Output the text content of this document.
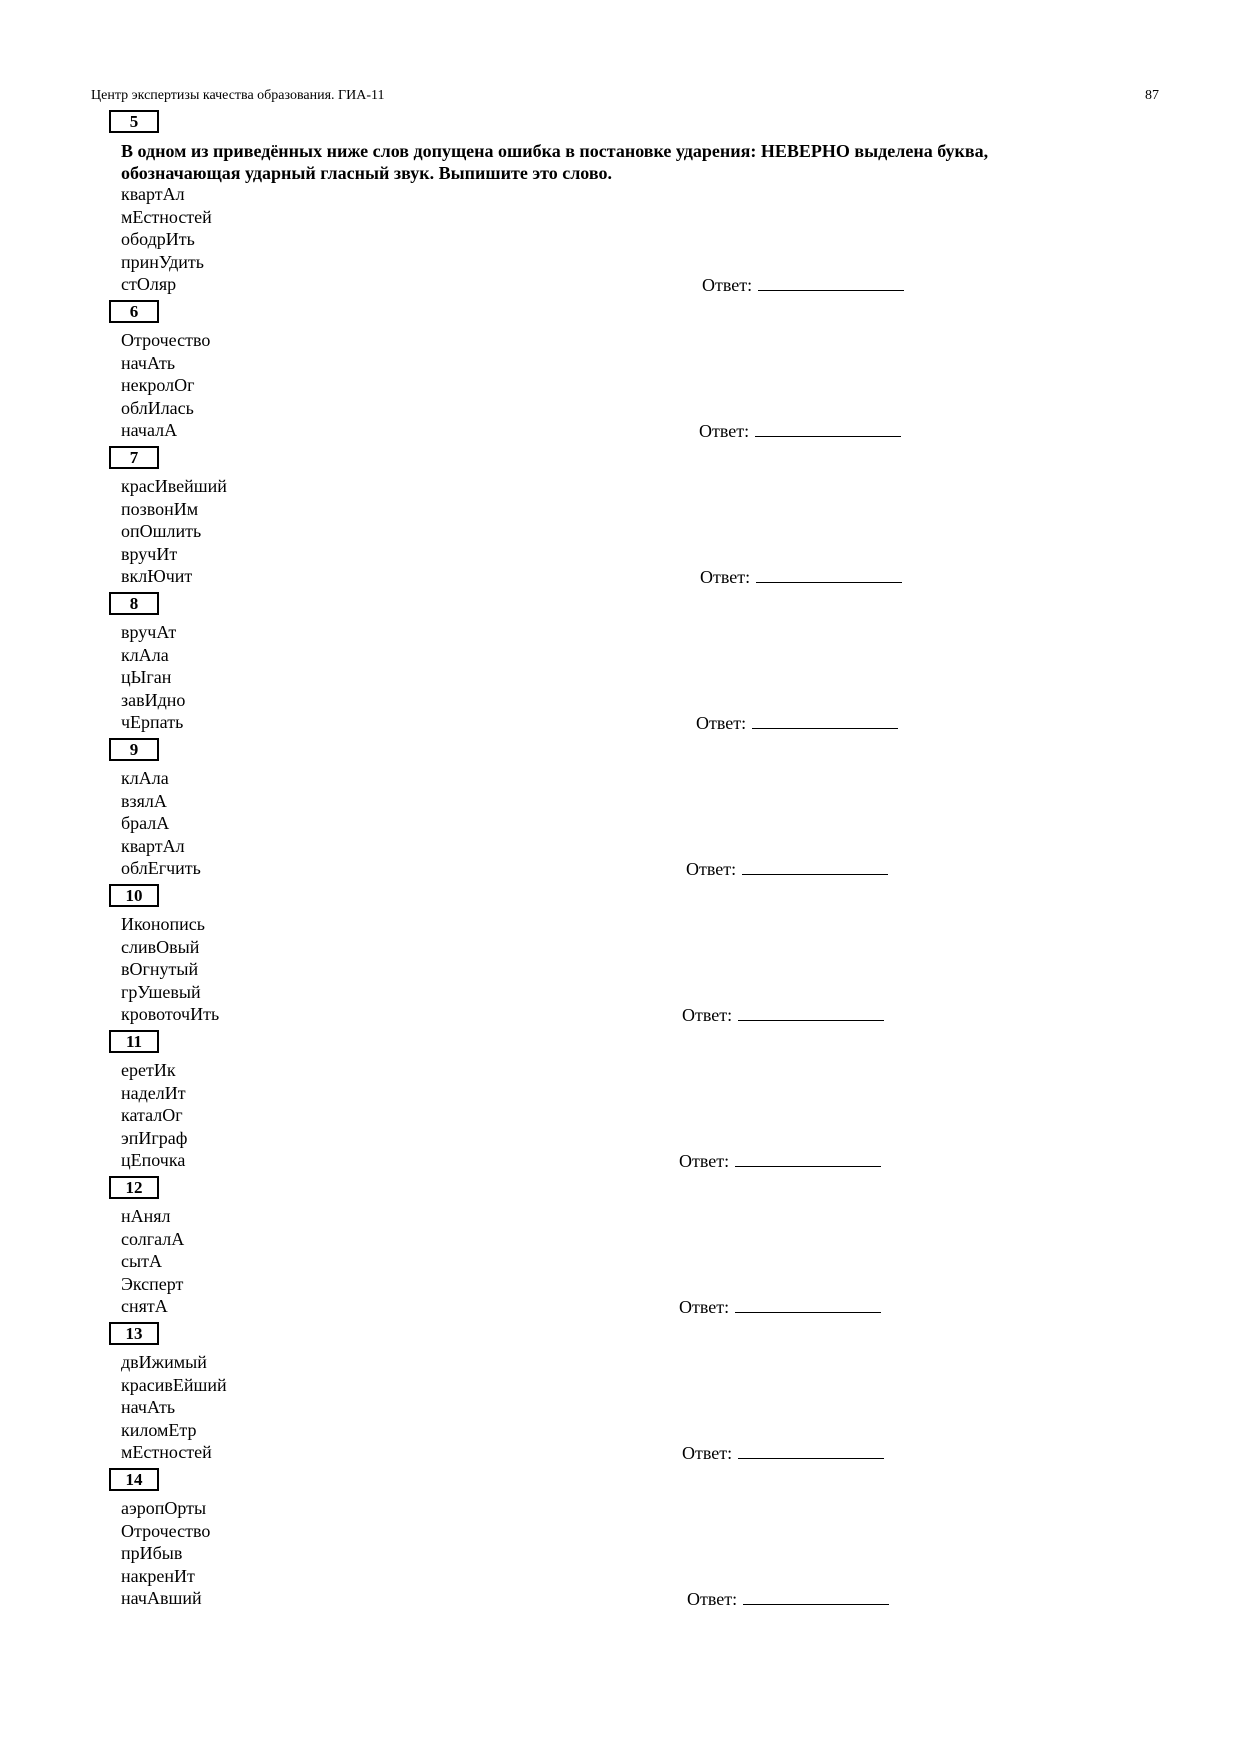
Центр экспертизы качества образования. ГИА-11	87

В одном из приведённых ниже слов допущена ошибка в постановке ударения: НЕВЕРНО выделена буква, обозначающая ударный гласный звук. Выпишите это слово.

5
квартАл
мЕстностей
ободрИть
принУдить
стОляр	Ответ:
6
Отрочество
начАть
некролОг
облИлась
началА	Ответ:
7
красИвейший
позвонИм
опОшлить
вручИт
вклЮчит	Ответ:
8
вручАт
клАла
цЫган
завИдно
чЕрпать	Ответ:
9
клАла
взялА
бралА
квартАл
облЕгчить	Ответ:
10
Иконопись
сливОвый
вОгнутый
грУшевый
кровоточИть	Ответ:
11
еретИк
наделИт
каталОг
эпИграф
цЕпочка	Ответ:
12
нАнял
солгалА
сытА
Эксперт
снятА	Ответ:
13
двИжимый
красивЕйший
начАть
киломЕтр
мЕстностей	Ответ:
14
аэропОрты
Отрочество
прИбыв
накренИт
начАвший	Ответ:
